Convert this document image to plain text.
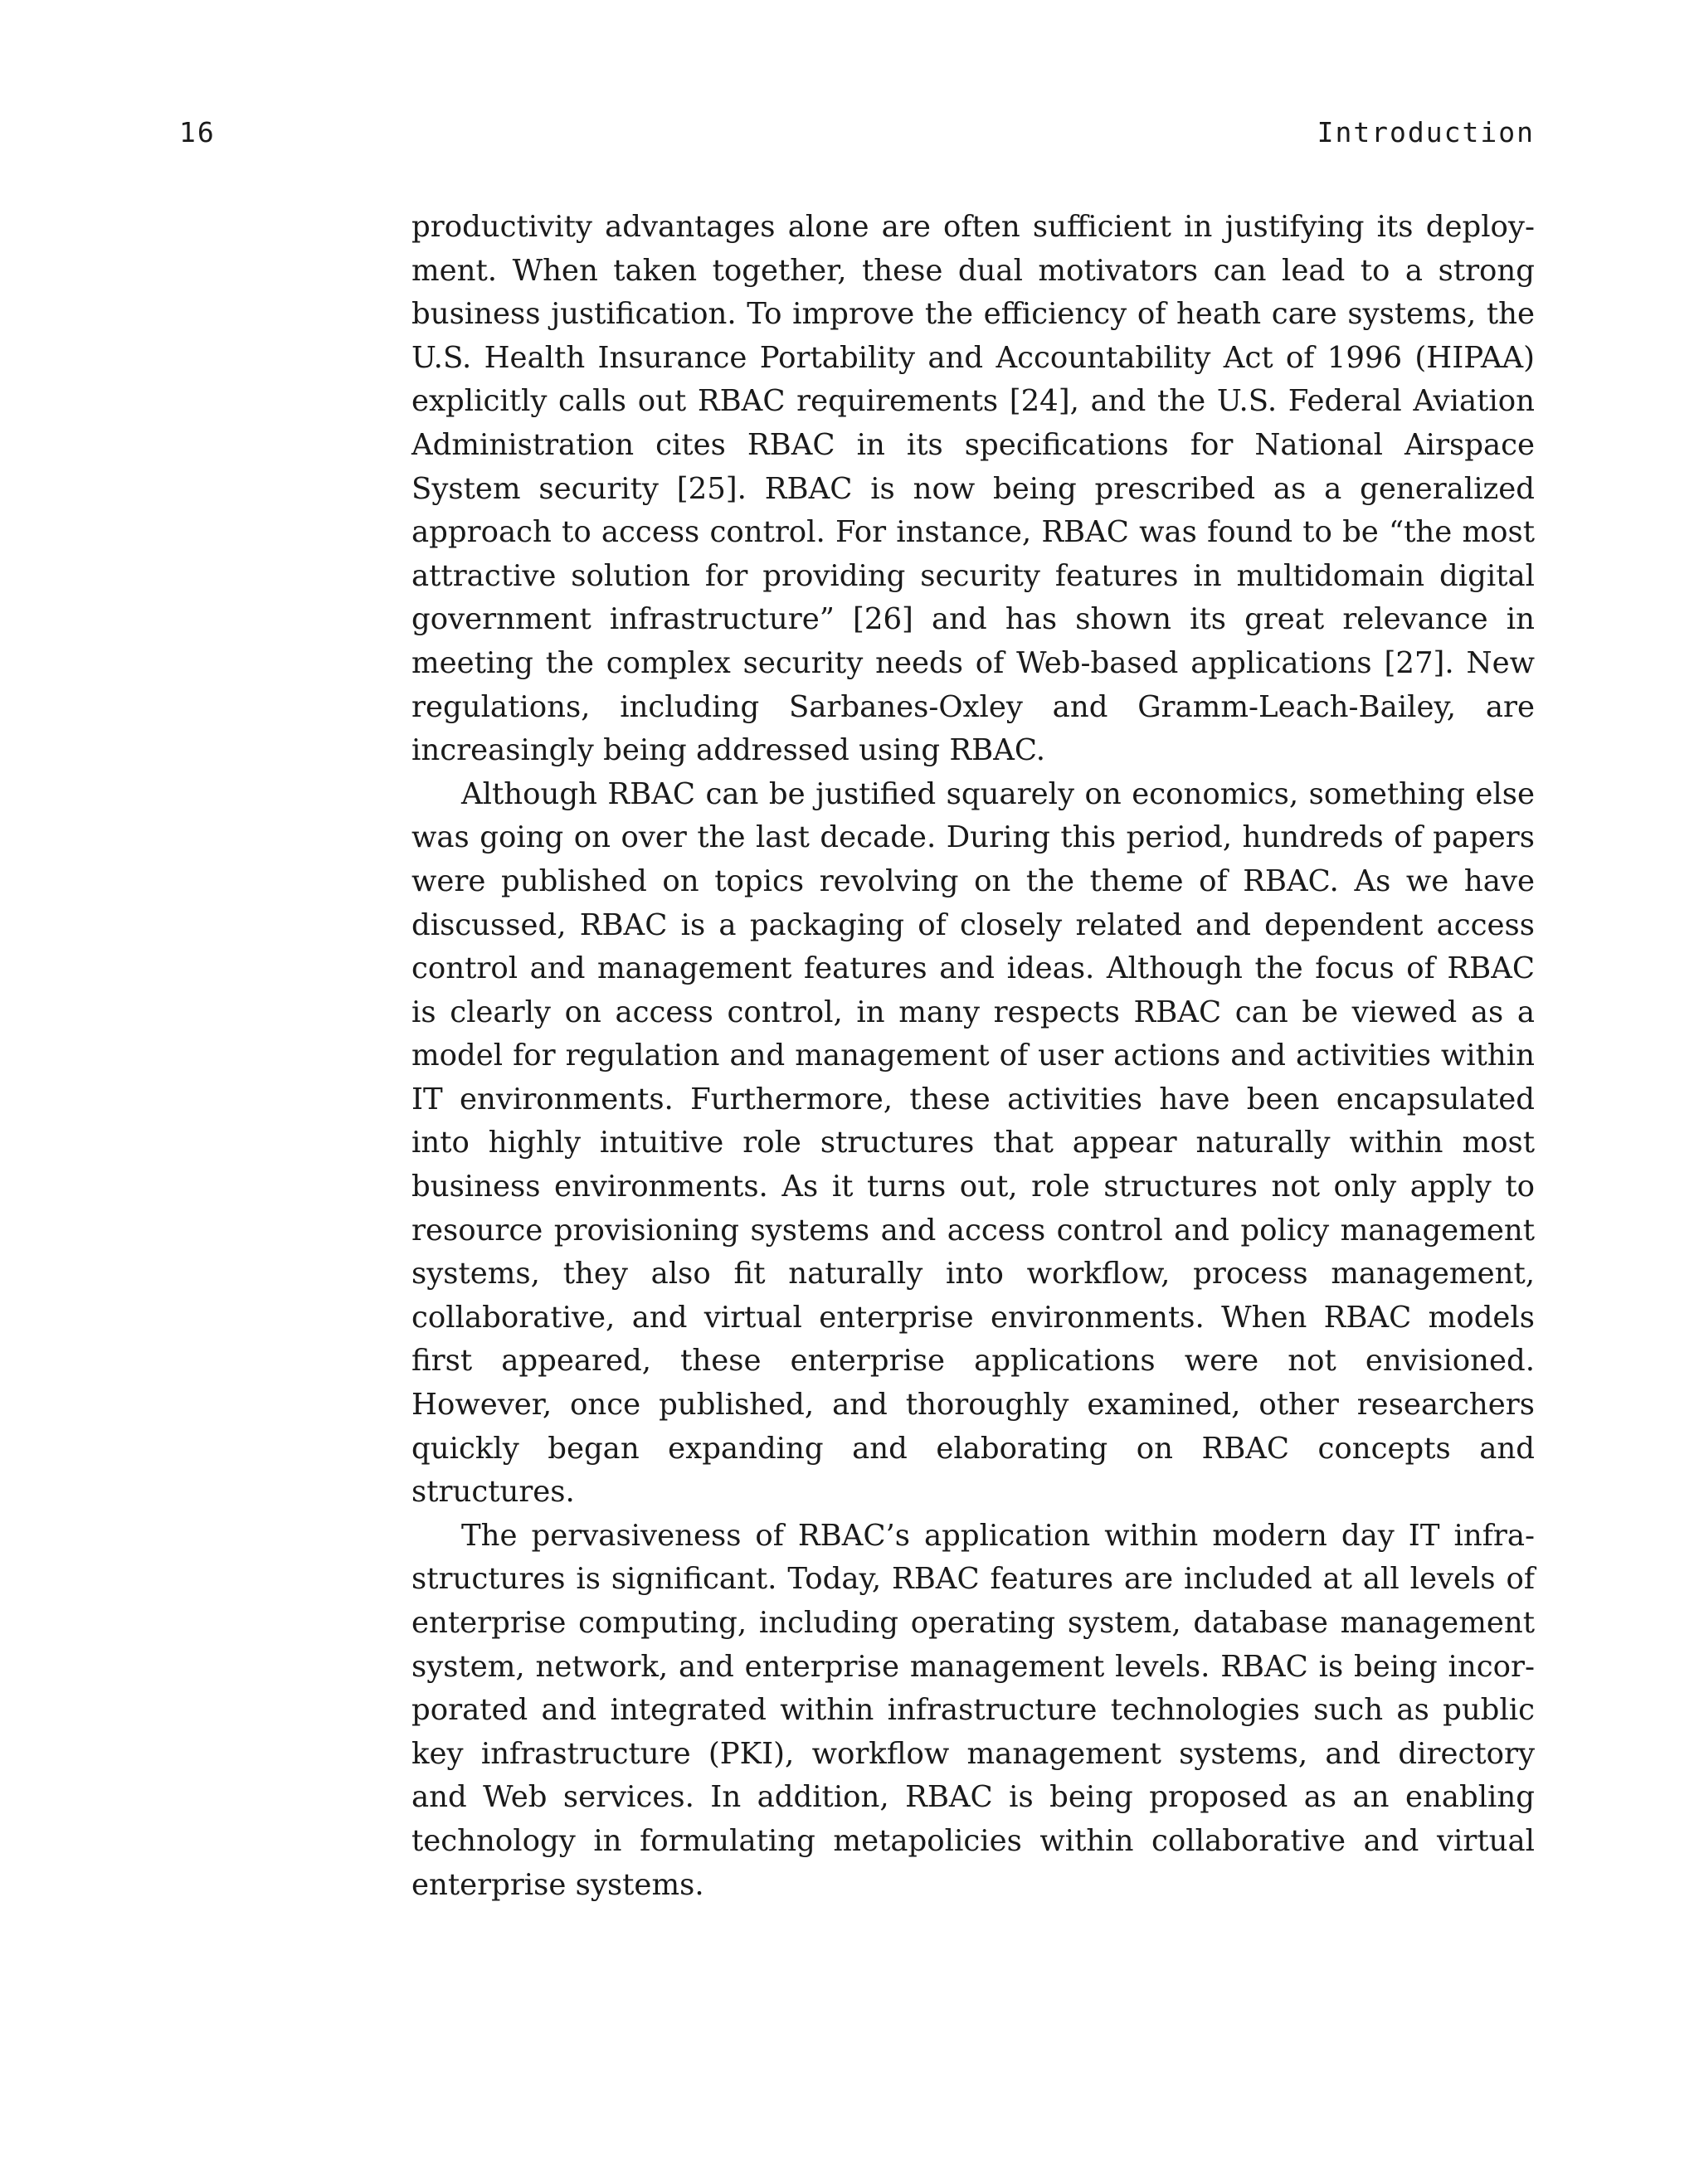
16	Introduction

productivity advantages alone are often sufficient in justifying its deployment. When taken together, these dual motivators can lead to a strong business justification. To improve the efficiency of heath care systems, the U.S. Health Insurance Portability and Accountability Act of 1996 (HIPAA) explicitly calls out RBAC requirements [24], and the U.S. Federal Aviation Administration cites RBAC in its specifications for National Airspace System security [25]. RBAC is now being prescribed as a generalized approach to access control. For instance, RBAC was found to be “the most attractive solution for providing security features in multidomain digital government infrastructure” [26] and has shown its great relevance in meeting the complex security needs of Web-based applications [27]. New regulations, including Sarbanes-Oxley and Gramm-Leach-Bailey, are increasingly being addressed using RBAC.

Although RBAC can be justified squarely on economics, something else was going on over the last decade. During this period, hundreds of papers were published on topics revolving on the theme of RBAC. As we have discussed, RBAC is a packaging of closely related and dependent access control and management features and ideas. Although the focus of RBAC is clearly on access control, in many respects RBAC can be viewed as a model for regulation and management of user actions and activities within IT environments. Furthermore, these activities have been encapsulated into highly intuitive role structures that appear naturally within most business environments. As it turns out, role structures not only apply to resource provisioning systems and access control and policy management systems, they also fit naturally into workflow, process management, collaborative, and virtual enterprise environments. When RBAC models first appeared, these enterprise applications were not envisioned. However, once published, and thoroughly examined, other researchers quickly began expanding and elaborating on RBAC concepts and structures.

The pervasiveness of RBAC’s application within modern day IT infrastructures is significant. Today, RBAC features are included at all levels of enterprise computing, including operating system, database management system, network, and enterprise management levels. RBAC is being incorporated and integrated within infrastructure technologies such as public key infrastructure (PKI), workflow management systems, and directory and Web services. In addition, RBAC is being proposed as an enabling technology in formulating metapolicies within collaborative and virtual enterprise systems.
